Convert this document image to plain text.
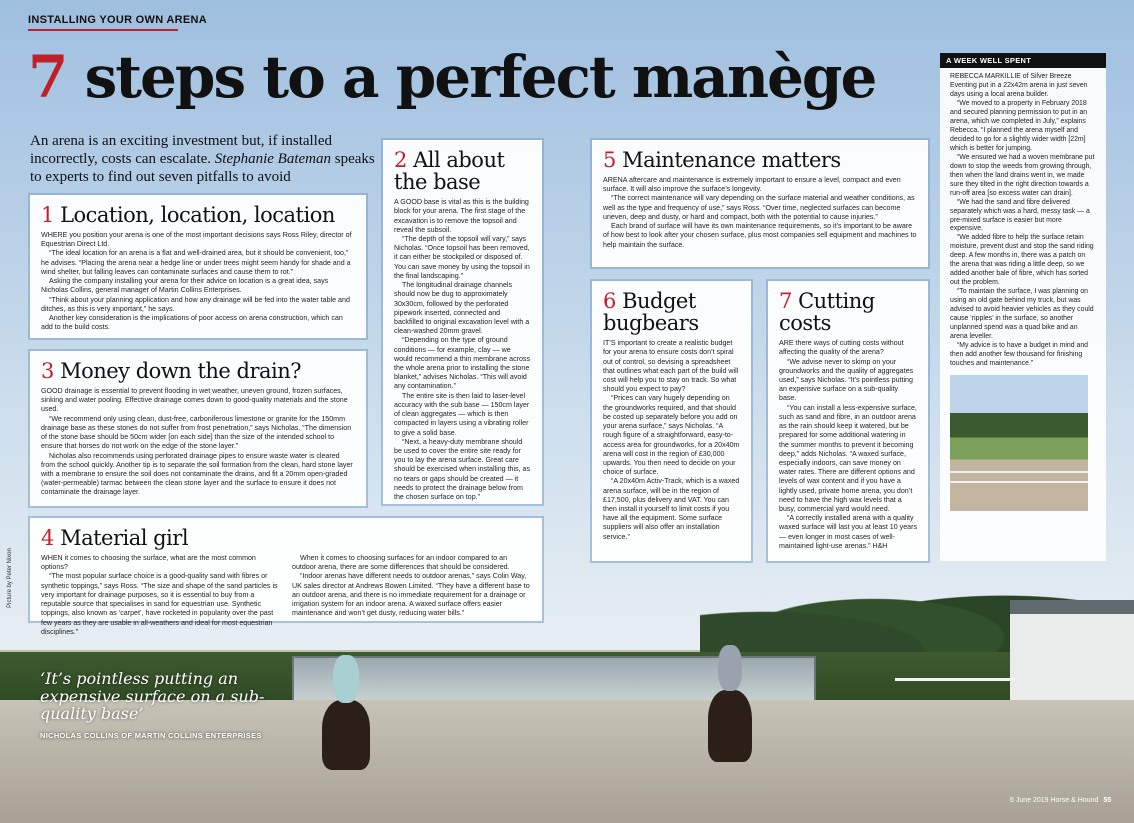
INSTALLING YOUR OWN ARENA
7 steps to a perfect manège

An arena is an exciting investment but, if installed incorrectly, costs can escalate. Stephanie Bateman speaks to experts to find out seven pitfalls to avoid

1 Location, location, location

WHERE you position your arena is one of the most important decisions says Ross Riley, director of Equestrian Direct Ltd.

“The ideal location for an arena is a flat and well-drained area, but it should be convenient, too,” he advises. “Placing the arena near a hedge line or under trees might seem handy for shade and a wind shelter, but falling leaves can contaminate surfaces and cause them to rot.”

Asking the company installing your arena for their advice on location is a great idea, says Nicholas Collins, general manager of Martin Collins Enterprises.

“Think about your planning application and how any drainage will be fed into the water table and ditches, as this is very important,” he says.

Another key consideration is the implications of poor access on arena construction, which can add to the build costs.

2 All about the base

A GOOD base is vital as this is the building block for your arena. The first stage of the excavation is to remove the topsoil and reveal the subsoil.

“The depth of the topsoil will vary,” says Nicholas. “Once topsoil has been removed, it can either be stockpiled or disposed of. You can save money by using the topsoil in the final landscaping.”

The longitudinal drainage channels should now be dug to approximately 30x30cm, followed by the perforated pipework inserted, connected and backfilled to original excavation level with a clean-washed 20mm gravel.

“Depending on the type of ground conditions — for example, clay — we would recommend a thin membrane across the whole arena prior to installing the stone blanket,” advises Nicholas. “This will avoid any contamination.”

The entire site is then laid to laser-level accuracy with the sub base — 150cm layer of clean aggregates — which is then compacted in layers using a vibrating roller to give a solid base.

“Next, a heavy-duty membrane should be used to cover the entire site ready for you to lay the arena surface. Great care should be exercised when installing this, as no tears or gaps should be created — it needs to protect the drainage below from the chosen surface on top.”

3 Money down the drain?

GOOD drainage is essential to prevent flooding in wet weather, uneven ground, frozen surfaces, sinking and water pooling. Effective drainage comes down to good-quality materials and the stone used.

“We recommend only using clean, dust-free, carboniferous limestone or granite for the 150mm drainage base as these stones do not suffer from frost penetration,” says Nicholas. “The dimension of the stone base should be 50cm wider [on each side] than the size of the intended school to ensure that horses do not work on the edge of the stone layer.”

Nicholas also recommends using perforated drainage pipes to ensure waste water is cleared from the school quickly. Another tip is to separate the soil formation from the clean, hard stone layer with a membrane to ensure the soil does not contaminate the drains, and fit a 20mm open-graded (water-permeable) tarmac between the clean stone layer and the surface to ensure it does not contaminate the drainage layer.

4 Material girl

WHEN it comes to choosing the surface, what are the most common options?

“The most popular surface choice is a good-quality sand with fibres or synthetic toppings,” says Ross. “The size and shape of the sand particles is very important for drainage purposes, so it is essential to buy from a reputable source that specialises in sand for equestrian use. Synthetic toppings, also known as ‘carpet’, have rocketed in popularity over the past few years as they are usable in all-weathers and ideal for most equestrian disciplines.”

When it comes to choosing surfaces for an indoor compared to an outdoor arena, there are some differences that should be considered.

“Indoor arenas have different needs to outdoor arenas,” says Colin Way, UK sales director at Andrews Bowen Limited. “They have a different base to an outdoor arena, and there is no immediate requirement for a drainage or irrigation system for an indoor arena. A waxed surface offers easier maintenance and won’t get dusty, reducing water bills.”

5 Maintenance matters

ARENA aftercare and maintenance is extremely important to ensure a level, compact and even surface. It will also improve the surface’s longevity.

“The correct maintenance will vary depending on the surface material and weather conditions, as well as the type and frequency of use,” says Ross. “Over time, neglected surfaces can become uneven, deep and dusty, or hard and compact, both with the potential to cause injuries.”

Each brand of surface will have its own maintenance requirements, so it’s important to be aware of how best to look after your chosen surface, plus most companies sell equipment and machines to help maintain the surface.

6 Budget bugbears

IT’S important to create a realistic budget for your arena to ensure costs don’t spiral out of control, so devising a spreadsheet that outlines what each part of the build will cost will help you to stay on track. So what should you expect to pay?

“Prices can vary hugely depending on the groundworks required, and that should be costed up separately before you add on your arena surface,” says Nicholas. “A rough figure of a straightforward, easy-to-access area for groundworks, for a 20x40m arena will cost in the region of £30,000 upwards. You then need to decide on your choice of surface.

“A 20x40m Activ-Track, which is a waxed arena surface, will be in the region of £17,500, plus delivery and VAT. You can then install it yourself to limit costs if you have all the equipment. Some surface suppliers will also offer an installation service.”

7 Cutting costs

ARE there ways of cutting costs without affecting the quality of the arena?

“We advise never to skimp on your groundworks and the quality of aggregates used,” says Nicholas. “It’s pointless putting an expensive surface on a sub-quality base.

“You can install a less-expensive surface, such as sand and fibre, in an outdoor arena as the rain should keep it watered, but be prepared for some additional watering in the summer months to prevent it becoming deep,” adds Nicholas. “A waxed surface, especially indoors, can save money on water rates. There are different options and levels of wax content and if you have a lightly used, private home arena, you don’t need to have the high wax levels that a busy, commercial yard would need.

“A correctly installed arena with a quality waxed surface will last you at least 10 years — even longer in most cases of well-maintained light-use arenas.” H&H

A WEEK WELL SPENT

REBECCA MARKILLIE of Silver Breeze Eventing put in a 22x42m arena in just seven days using a local arena builder.

“We moved to a property in February 2018 and secured planning permission to put in an arena, which we completed in July,” explains Rebecca. “I planned the arena myself and decided to go for a slightly wider width [22m] which is better for jumping.

“We ensured we had a woven membrane put down to stop the weeds from growing through, then when the land drains went in, we made sure they tilted in the right direction towards a run-off area [so excess water can drain].

“We had the sand and fibre delivered separately which was a hard, messy task — a pre-mixed surface is easier but more expensive.

“We added fibre to help the surface retain moisture, prevent dust and stop the sand riding deep. A few months in, there was a patch on the arena that was riding a little deep, so we added another bale of fibre, which has sorted out the problem.

“To maintain the surface, I was planning on using an old gate behind my truck, but was advised to avoid heavier vehicles as they could cause ‘ripples’ in the surface, so another unplanned spend was a quad bike and an arena leveller.

“My advice is to have a budget in mind and then add another few thousand for finishing touches and maintenance.”

‘It’s pointless putting an expensive surface on a sub-quality base’
NICHOLAS COLLINS OF MARTIN COLLINS ENTERPRISES
Picture by Peter Nixon
6 June 2019 Horse & Hound 55
